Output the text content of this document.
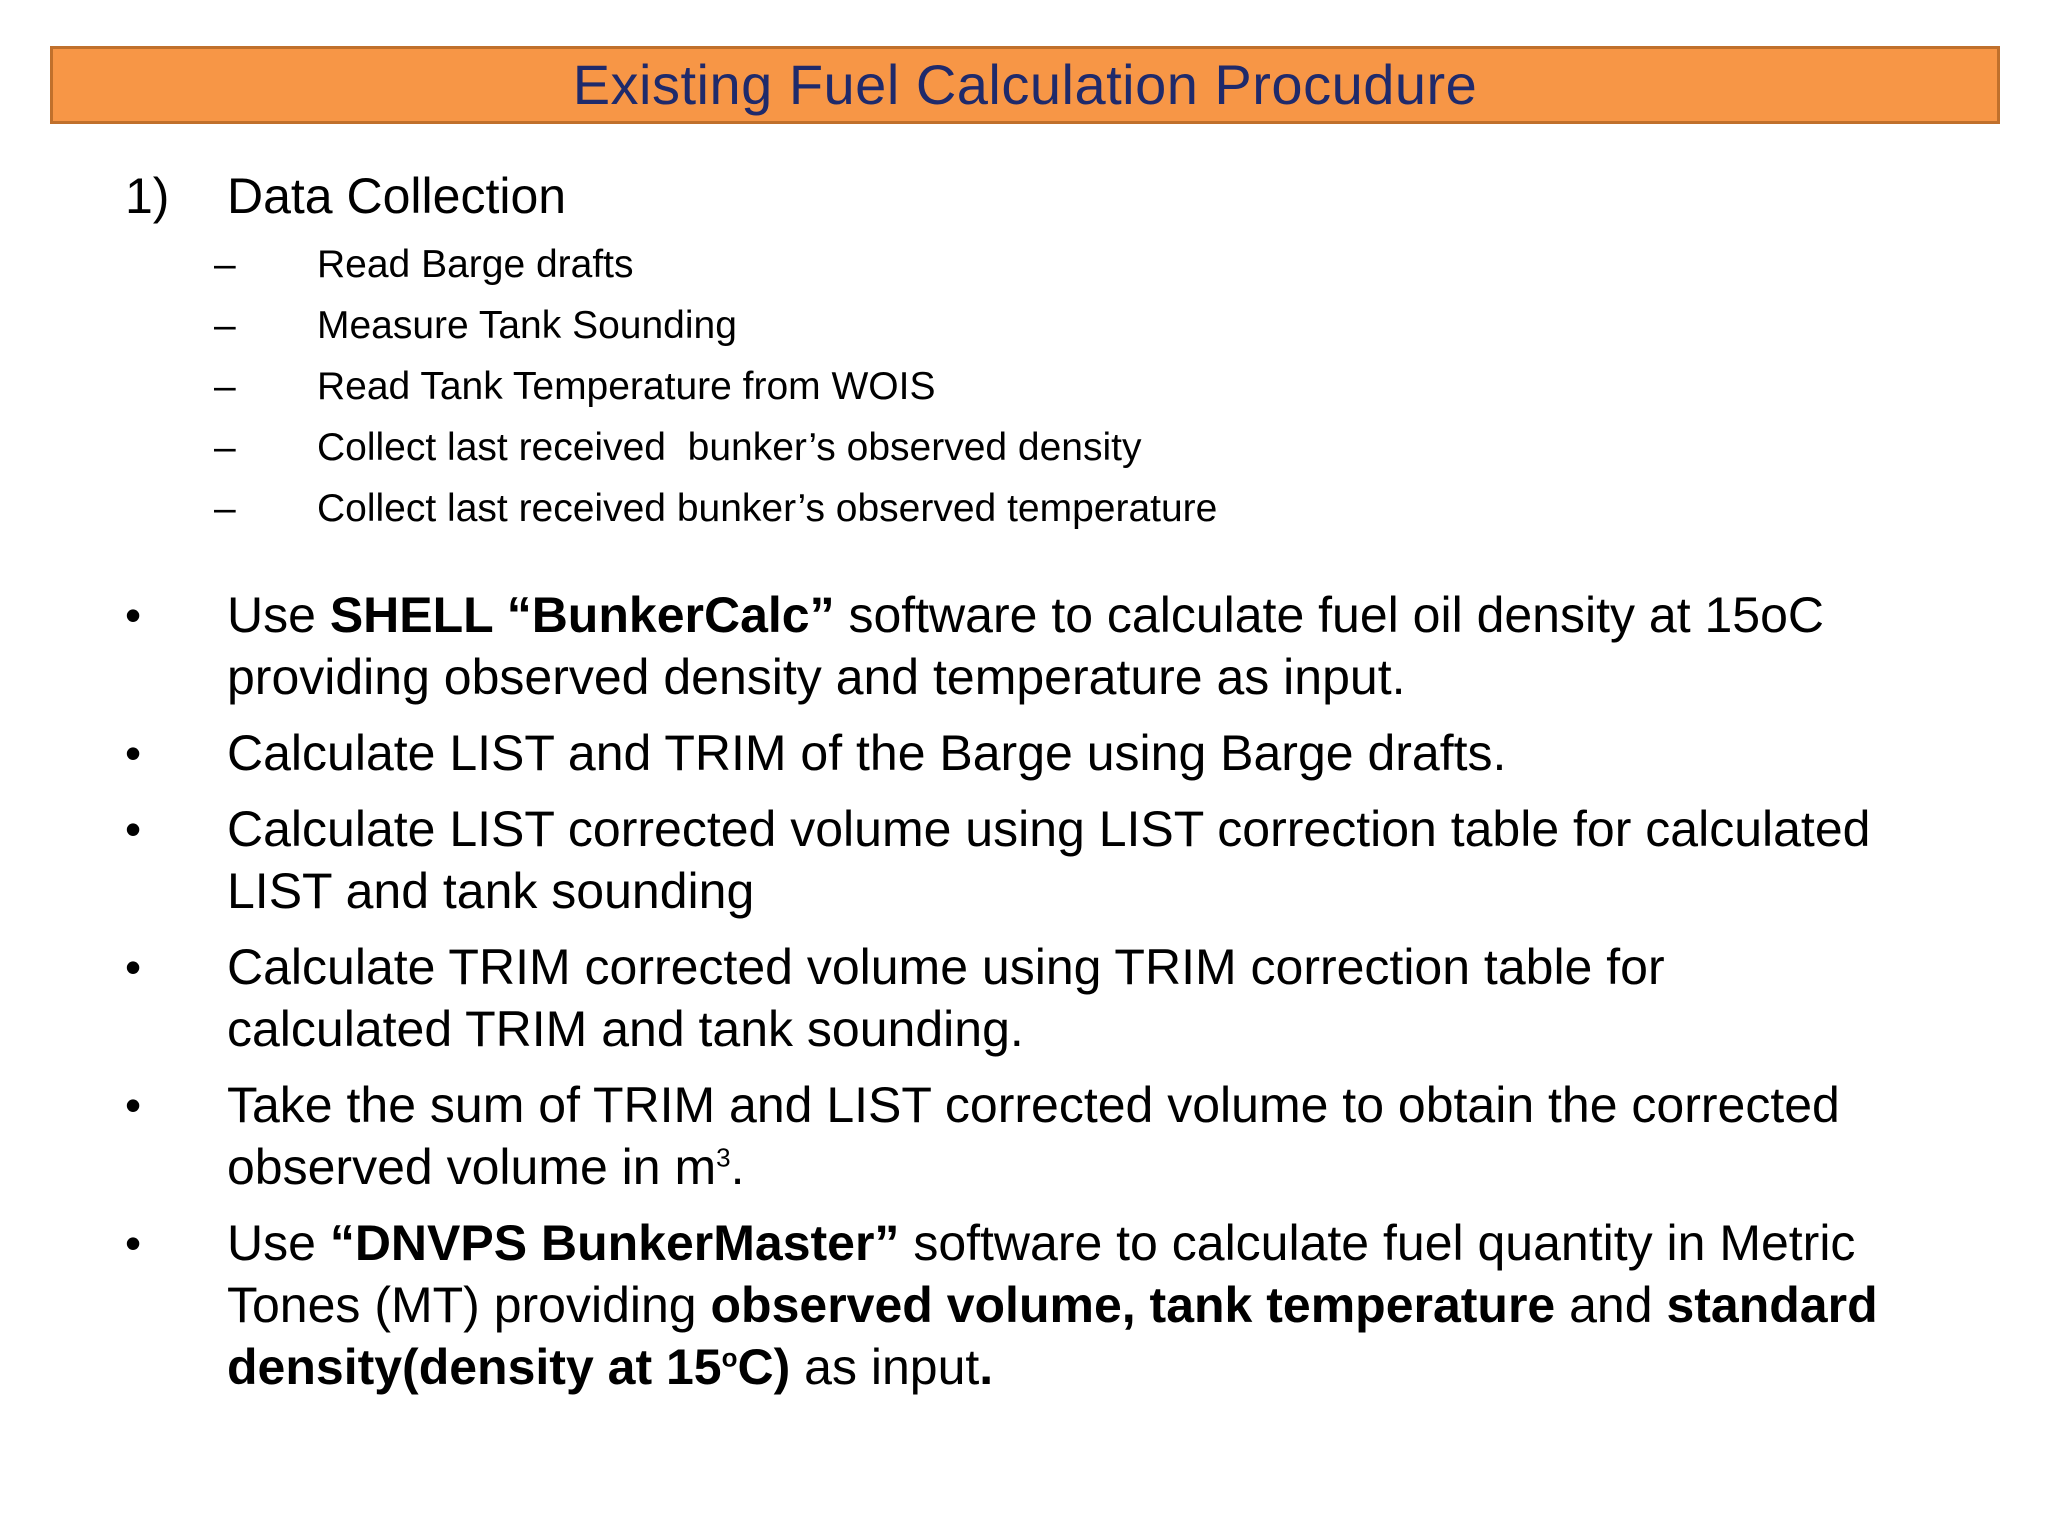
Existing Fuel Calculation Procudure
1)	Data Collection
–	Read Barge drafts
–	Measure Tank Sounding
–	Read Tank Temperature from WOIS
–	Collect last received  bunker’s observed density
–	Collect last received bunker’s observed temperature
•	Use SHELL “BunkerCalc” software to calculate fuel oil density at 15oC
providing observed density and temperature as input.
•	Calculate LIST and TRIM of the Barge using Barge drafts.
•	Calculate LIST corrected volume using LIST correction table for calculated
LIST and tank sounding
•	Calculate TRIM corrected volume using TRIM correction table for
calculated TRIM and tank sounding.
•	Take the sum of TRIM and LIST corrected volume to obtain the corrected
observed volume in $m^3$.
•	Use “DNVPS BunkerMaster” software to calculate fuel quantity in Metric
Tones (MT) providing observed volume, tank temperature and standard
density(density at 15$^o$C) as input.
